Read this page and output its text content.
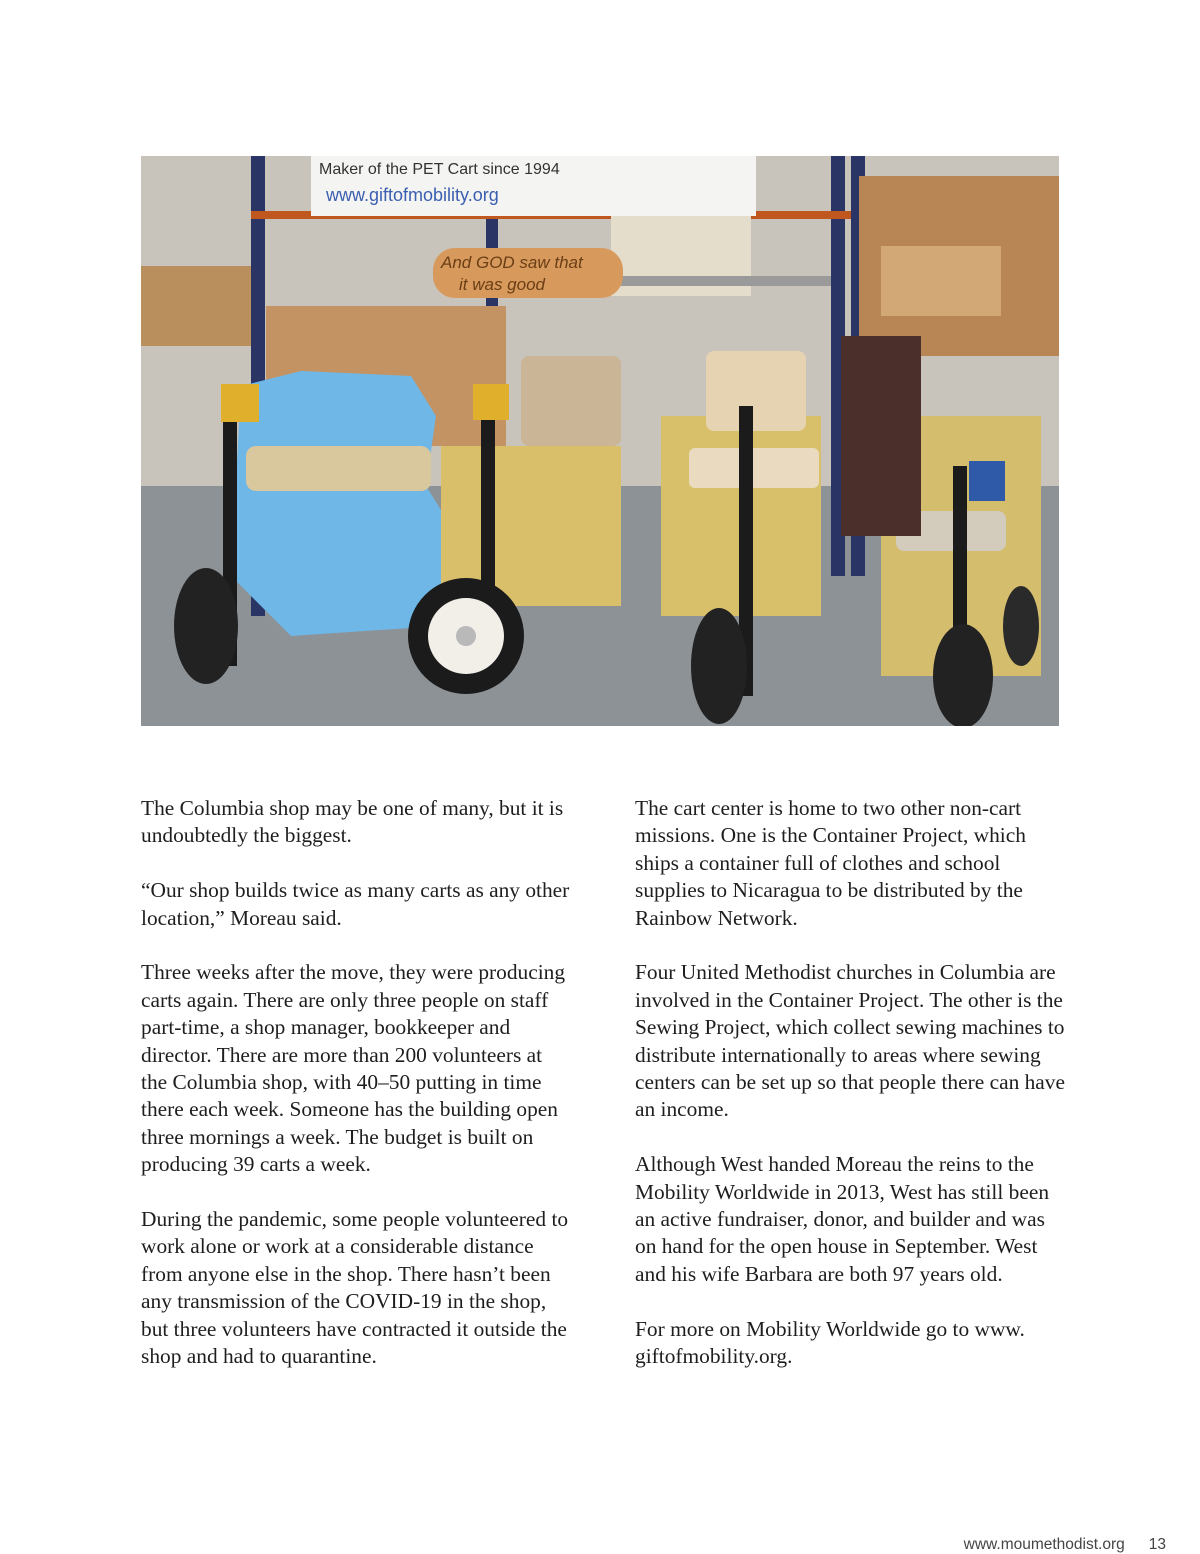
Maker of the PET Cart since 1994
www.giftofmobility.org
And GOD saw that
it was good

The Columbia shop may be one of many, but it is undoubtedly the biggest.

“Our shop builds twice as many carts as any other location,” Moreau said.

Three weeks after the move, they were producing carts again. There are only three people on staff part-time, a shop manager, bookkeeper and director. There are more than 200 volunteers at the Columbia shop, with 40–50 putting in time there each week. Someone has the building open three mornings a week. The budget is built on producing 39 carts a week.

During the pandemic, some people volunteered to work alone or work at a considerable distance from anyone else in the shop. There hasn’t been any transmission of the COVID-19 in the shop, but three volunteers have contracted it outside the shop and had to quarantine.

The cart center is home to two other non-cart missions. One is the Container Project, which ships a container full of clothes and school supplies to Nicaragua to be distributed by the Rainbow Network.

Four United Methodist churches in Columbia are involved in the Container Project. The other is the Sewing Project, which collect sewing machines to distribute internationally to areas where sewing centers can be set up so that people there can have an income.

Although West handed Moreau the reins to the Mobility Worldwide in 2013, West has still been an active fundraiser, donor, and builder and was on hand for the open house in September. West and his wife Barbara are both 97 years old.

For more on Mobility Worldwide go to www. giftofmobility.org.

www.moumethodist.org 13
